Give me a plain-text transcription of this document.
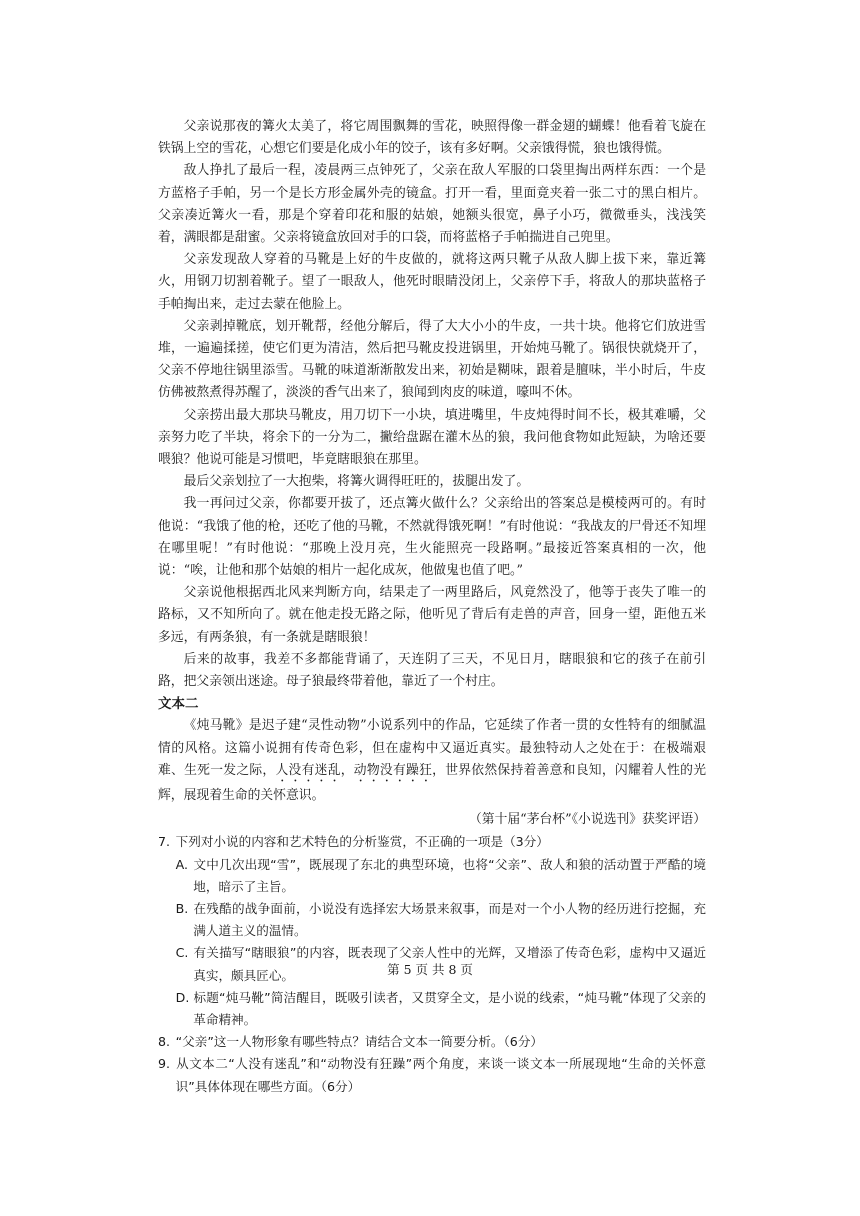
父亲说那夜的篝火太美了，将它周围飘舞的雪花，映照得像一群金翅的蝴蝶！他看着飞旋在铁锅上空的雪花，心想它们要是化成小年的饺子，该有多好啊。父亲饿得慌，狼也饿得慌。

敌人挣扎了最后一程，凌晨两三点钟死了，父亲在敌人军服的口袋里掏出两样东西：一个是方蓝格子手帕，另一个是长方形金属外壳的镜盒。打开一看，里面竟夹着一张二寸的黑白相片。父亲凑近篝火一看，那是个穿着印花和服的姑娘，她额头很宽，鼻子小巧，微微垂头，浅浅笑着，满眼都是甜蜜。父亲将镜盒放回对手的口袋，而将蓝格子手帕揣进自己兜里。

父亲发现敌人穿着的马靴是上好的牛皮做的，就将这两只靴子从敌人脚上拔下来，靠近篝火，用钢刀切割着靴子。望了一眼敌人，他死时眼睛没闭上，父亲停下手，将敌人的那块蓝格子手帕掏出来，走过去蒙在他脸上。

父亲剥掉靴底，划开靴帮，经他分解后，得了大大小小的牛皮，一共十块。他将它们放进雪堆，一遍遍揉搓，使它们更为清洁，然后把马靴皮投进锅里，开始炖马靴了。锅很快就烧开了，父亲不停地往锅里添雪。马靴的味道渐渐散发出来，初始是糊味，跟着是膻味，半小时后，牛皮仿佛被熬煮得苏醒了，淡淡的香气出来了，狼闻到肉皮的味道，嚎叫不休。

父亲捞出最大那块马靴皮，用刀切下一小块，填进嘴里，牛皮炖得时间不长，极其难嚼，父亲努力吃了半块，将余下的一分为二，撇给盘踞在灌木丛的狼，我问他食物如此短缺，为啥还要喂狼？他说可能是习惯吧，毕竟瞎眼狼在那里。

最后父亲划拉了一大抱柴，将篝火调得旺旺的，拔腿出发了。

我一再问过父亲，你都要开拔了，还点篝火做什么？父亲给出的答案总是模棱两可的。有时他说：“我饿了他的枪，还吃了他的马靴，不然就得饿死啊！”有时他说：“我战友的尸骨还不知埋在哪里呢！”有时他说：“那晚上没月亮，生火能照亮一段路啊。”最接近答案真相的一次，他说：“唉，让他和那个姑娘的相片一起化成灰，他做鬼也值了吧。”

父亲说他根据西北风来判断方向，结果走了一两里路后，风竟然没了，他等于丧失了唯一的路标，又不知所向了。就在他走投无路之际，他听见了背后有走兽的声音，回身一望，距他五米多远，有两条狼，有一条就是瞎眼狼！

后来的故事，我差不多都能背诵了，天连阴了三天，不见日月，瞎眼狼和它的孩子在前引路，把父亲领出迷途。母子狼最终带着他，靠近了一个村庄。

文本二

《炖马靴》是迟子建“灵性动物”小说系列中的作品，它延续了作者一贯的女性特有的细腻温情的风格。这篇小说拥有传奇色彩，但在虚构中又逼近真实。最独特动人之处在于：在极端艰难、生死一发之际，人没有迷乱，动物没有躁狂，世界依然保持着善意和良知，闪耀着人性的光辉，展现着生命的关怀意识。

（第十届“茅台杯”《小说选刊》获奖评语）
7. 下列对小说的内容和艺术特色的分析鉴赏，不正确的一项是（3分）
A. 文中几次出现“雪”，既展现了东北的典型环境，也将“父亲”、敌人和狼的活动置于严酷的境地，暗示了主旨。
B. 在残酷的战争面前，小说没有选择宏大场景来叙事，而是对一个小人物的经历进行挖掘，充满人道主义的温情。
C. 有关描写“瞎眼狼”的内容，既表现了父亲人性中的光辉，又增添了传奇色彩，虚构中又逼近真实，颇具匠心。
D. 标题“炖马靴”简洁醒目，既吸引读者，又贯穿全文，是小说的线索，“炖马靴”体现了父亲的革命精神。
8. “父亲”这一人物形象有哪些特点？请结合文本一简要分析。（6分）
9. 从文本二“人没有迷乱”和“动物没有狂躁”两个角度，来谈一谈文本一所展现地“生命的关怀意识”具体体现在哪些方面。（6分）
第 5 页 共 8 页
